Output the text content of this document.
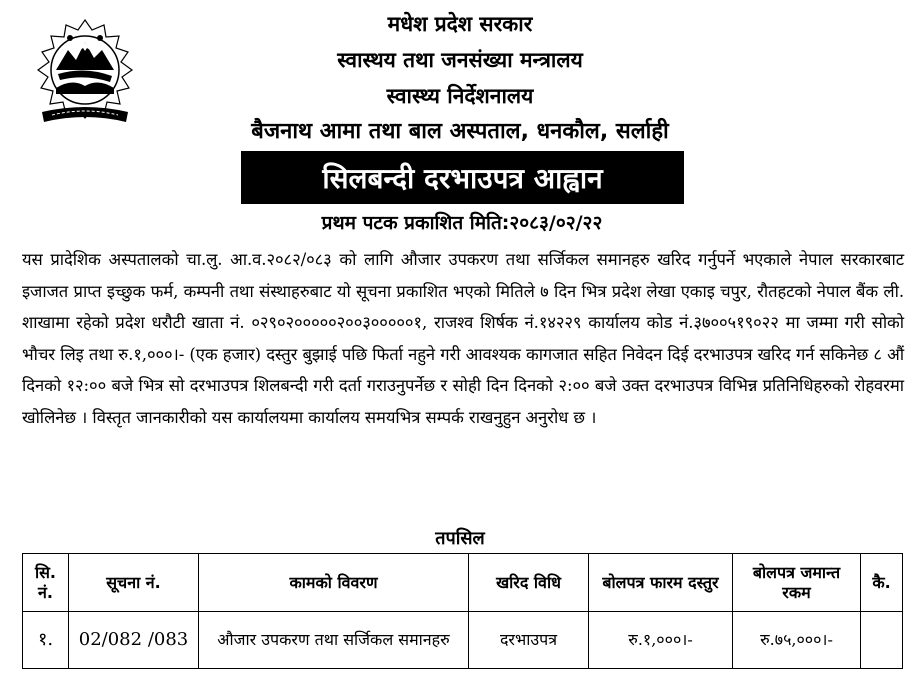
मधेश प्रदेश सरकार
स्वास्थय तथा जनसंख्या मन्त्रालय
स्वास्थ्य निर्देशनालय
बैजनाथ आमा तथा बाल अस्पताल, धनकौल, सर्लाही
सिलबन्दी दरभाउपत्र आह्वान
प्रथम पटक प्रकाशित मिति:२०८३/०२/२२
यस प्रादेशिक अस्पतालको चा.लु. आ.व.२०८२/०८३ को लागि औजार उपकरण तथा सर्जिकल समानहरु खरिद गर्नुपर्ने भएकाले नेपाल सरकारबाट इजाजत प्राप्त इच्छुक फर्म, कम्पनी तथा संस्थाहरुबाट यो सूचना प्रकाशित भएको मितिले ७ दिन भित्र प्रदेश लेखा एकाइ चपुर, रौतहटको नेपाल बैंक ली. शाखामा रहेको प्रदेश धरौटी खाता नं. ०२९०२०००००२००३०००००१, राजश्व शिर्षक नं.१४२२९ कार्यालय कोड नं.३७००५१९०२२ मा जम्मा गरी सोको भौचर लिइ तथा रु.१,०००।- (एक हजार) दस्तुर बुझाई पछि फिर्ता नहुने गरी आवश्यक कागजात सहित निवेदन दिई दरभाउपत्र खरिद गर्न सकिनेछ ८ औं दिनको १२:०० बजे भित्र सो दरभाउपत्र शिलबन्दी गरी दर्ता गराउनुपर्नेछ र सोही दिन दिनको २:०० बजे उक्त दरभाउपत्र विभिन्न प्रतिनिधिहरुको रोहवरमा खोलिनेछ । विस्तृत जानकारीको यस कार्यालयमा कार्यालय समयभित्र सम्पर्क राखनुहुन अनुरोध छ ।
तपसिल
सि. नं.	सूचना नं.	कामको विवरण	खरिद विधि	बोलपत्र फारम दस्तुर	बोलपत्र जमान्त रकम	कै.
१.	02/082 /083	औजार उपकरण तथा सर्जिकल समानहरु	दरभाउपत्र	रु.१,०००।-	रु.७५,०००।-	
